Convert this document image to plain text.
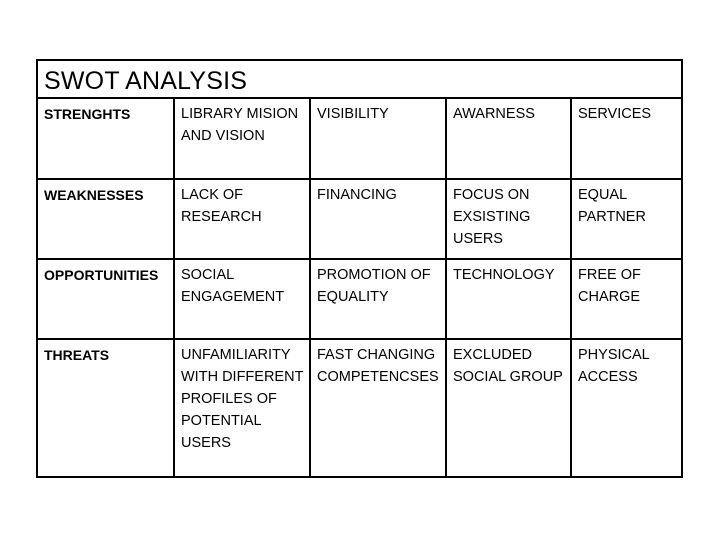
SWOT ANALYSIS
STRENGHTS	LIBRARY MISION AND VISION	VISIBILITY	AWARNESS	SERVICES
WEAKNESSES	LACK OF RESEARCH	FINANCING	FOCUS ON EXSISTING USERS	EQUAL PARTNER
OPPORTUNITIES	SOCIAL ENGAGEMENT	PROMOTION OF EQUALITY	TECHNOLOGY	FREE OF CHARGE
THREATS	UNFAMILIARITY WITH DIFFERENT PROFILES OF POTENTIAL USERS	FAST CHANGING COMPETENCSES	EXCLUDED SOCIAL GROUP	PHYSICAL ACCESS
